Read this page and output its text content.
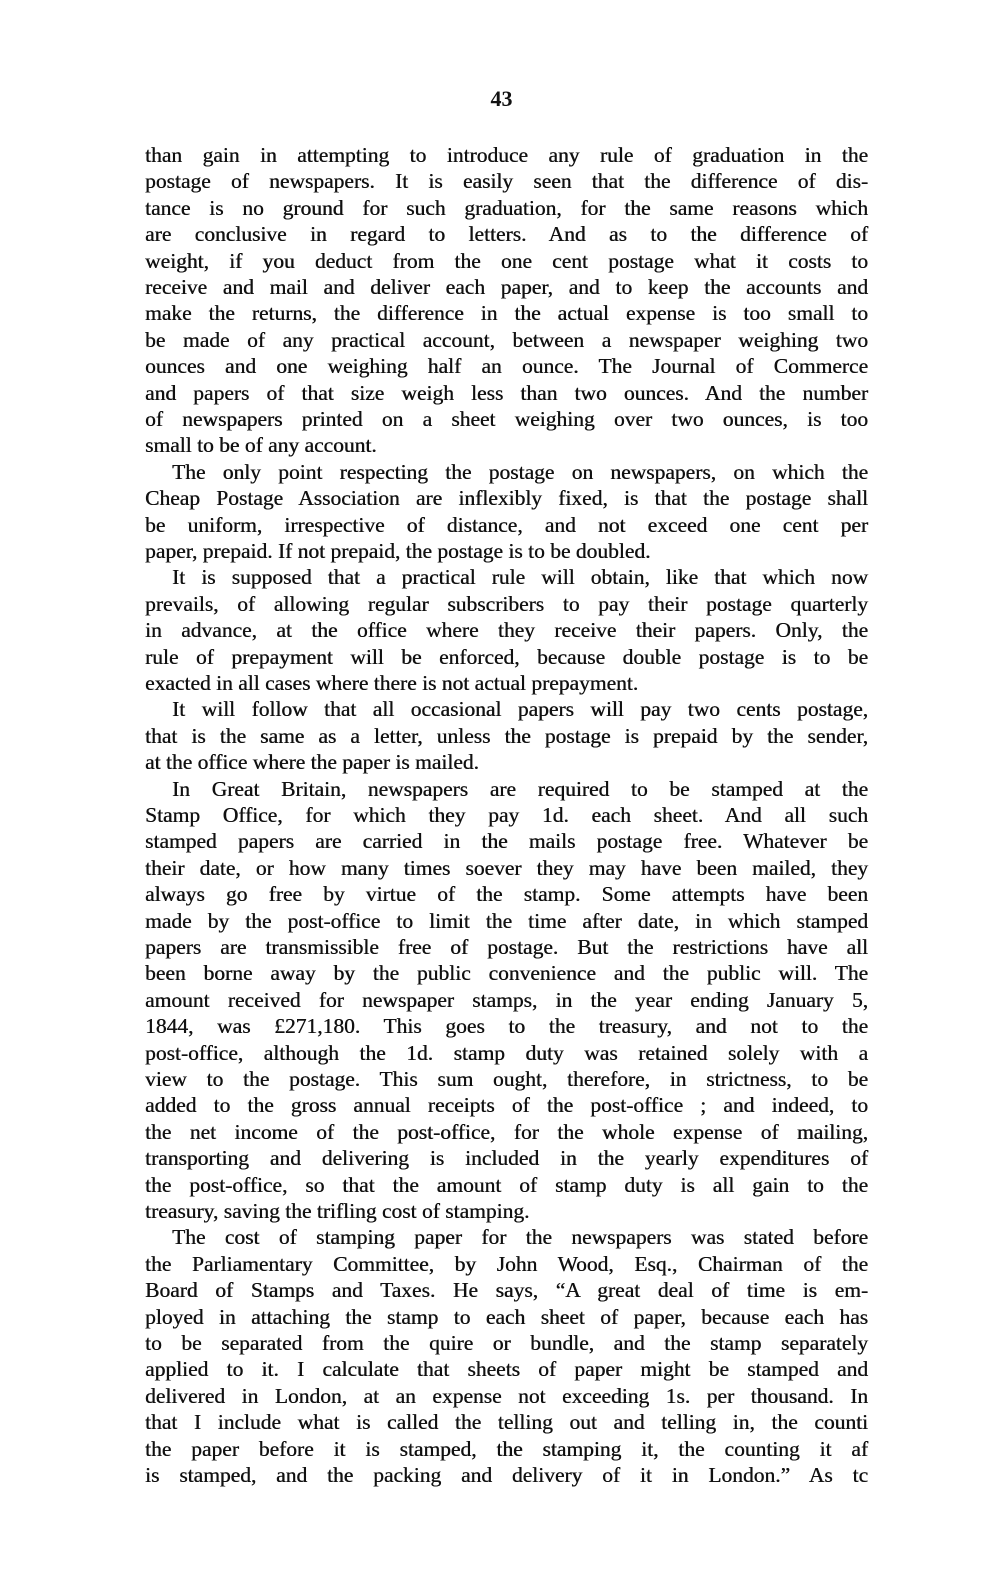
43
than gain in attempting to introduce any rule of graduation in the
postage of newspapers. It is easily seen that the difference of dis-
tance is no ground for such graduation, for the same reasons which
are conclusive in regard to letters. And as to the difference of
weight, if you deduct from the one cent postage what it costs to
receive and mail and deliver each paper, and to keep the accounts and
make the returns, the difference in the actual expense is too small to
be made of any practical account, between a newspaper weighing two
ounces and one weighing half an ounce. The Journal of Commerce
and papers of that size weigh less than two ounces. And the number
of newspapers printed on a sheet weighing over two ounces, is too
small to be of any account.
The only point respecting the postage on newspapers, on which the
Cheap Postage Association are inflexibly fixed, is that the postage shall
be uniform, irrespective of distance, and not exceed one cent per
paper, prepaid. If not prepaid, the postage is to be doubled.
It is supposed that a practical rule will obtain, like that which now
prevails, of allowing regular subscribers to pay their postage quarterly
in advance, at the office where they receive their papers. Only, the
rule of prepayment will be enforced, because double postage is to be
exacted in all cases where there is not actual prepayment.
It will follow that all occasional papers will pay two cents postage,
that is the same as a letter, unless the postage is prepaid by the sender,
at the office where the paper is mailed.
In Great Britain, newspapers are required to be stamped at the
Stamp Office, for which they pay 1d. each sheet. And all such
stamped papers are carried in the mails postage free. Whatever be
their date, or how many times soever they may have been mailed, they
always go free by virtue of the stamp. Some attempts have been
made by the post-office to limit the time after date, in which stamped
papers are transmissible free of postage. But the restrictions have all
been borne away by the public convenience and the public will. The
amount received for newspaper stamps, in the year ending January 5,
1844, was £271,180. This goes to the treasury, and not to the
post-office, although the 1d. stamp duty was retained solely with a
view to the postage. This sum ought, therefore, in strictness, to be
added to the gross annual receipts of the post-office ; and indeed, to
the net income of the post-office, for the whole expense of mailing,
transporting and delivering is included in the yearly expenditures of
the post-office, so that the amount of stamp duty is all gain to the
treasury, saving the trifling cost of stamping.
The cost of stamping paper for the newspapers was stated before
the Parliamentary Committee, by John Wood, Esq., Chairman of the
Board of Stamps and Taxes. He says, “A great deal of time is em-
ployed in attaching the stamp to each sheet of paper, because each has
to be separated from the quire or bundle, and the stamp separately
applied to it. I calculate that sheets of paper might be stamped and
delivered in London, at an expense not exceeding 1s. per thousand. In
that I include what is called the telling out and telling in, the counti
the paper before it is stamped, the stamping it, the counting it af
is stamped, and the packing and delivery of it in London.” As tc
